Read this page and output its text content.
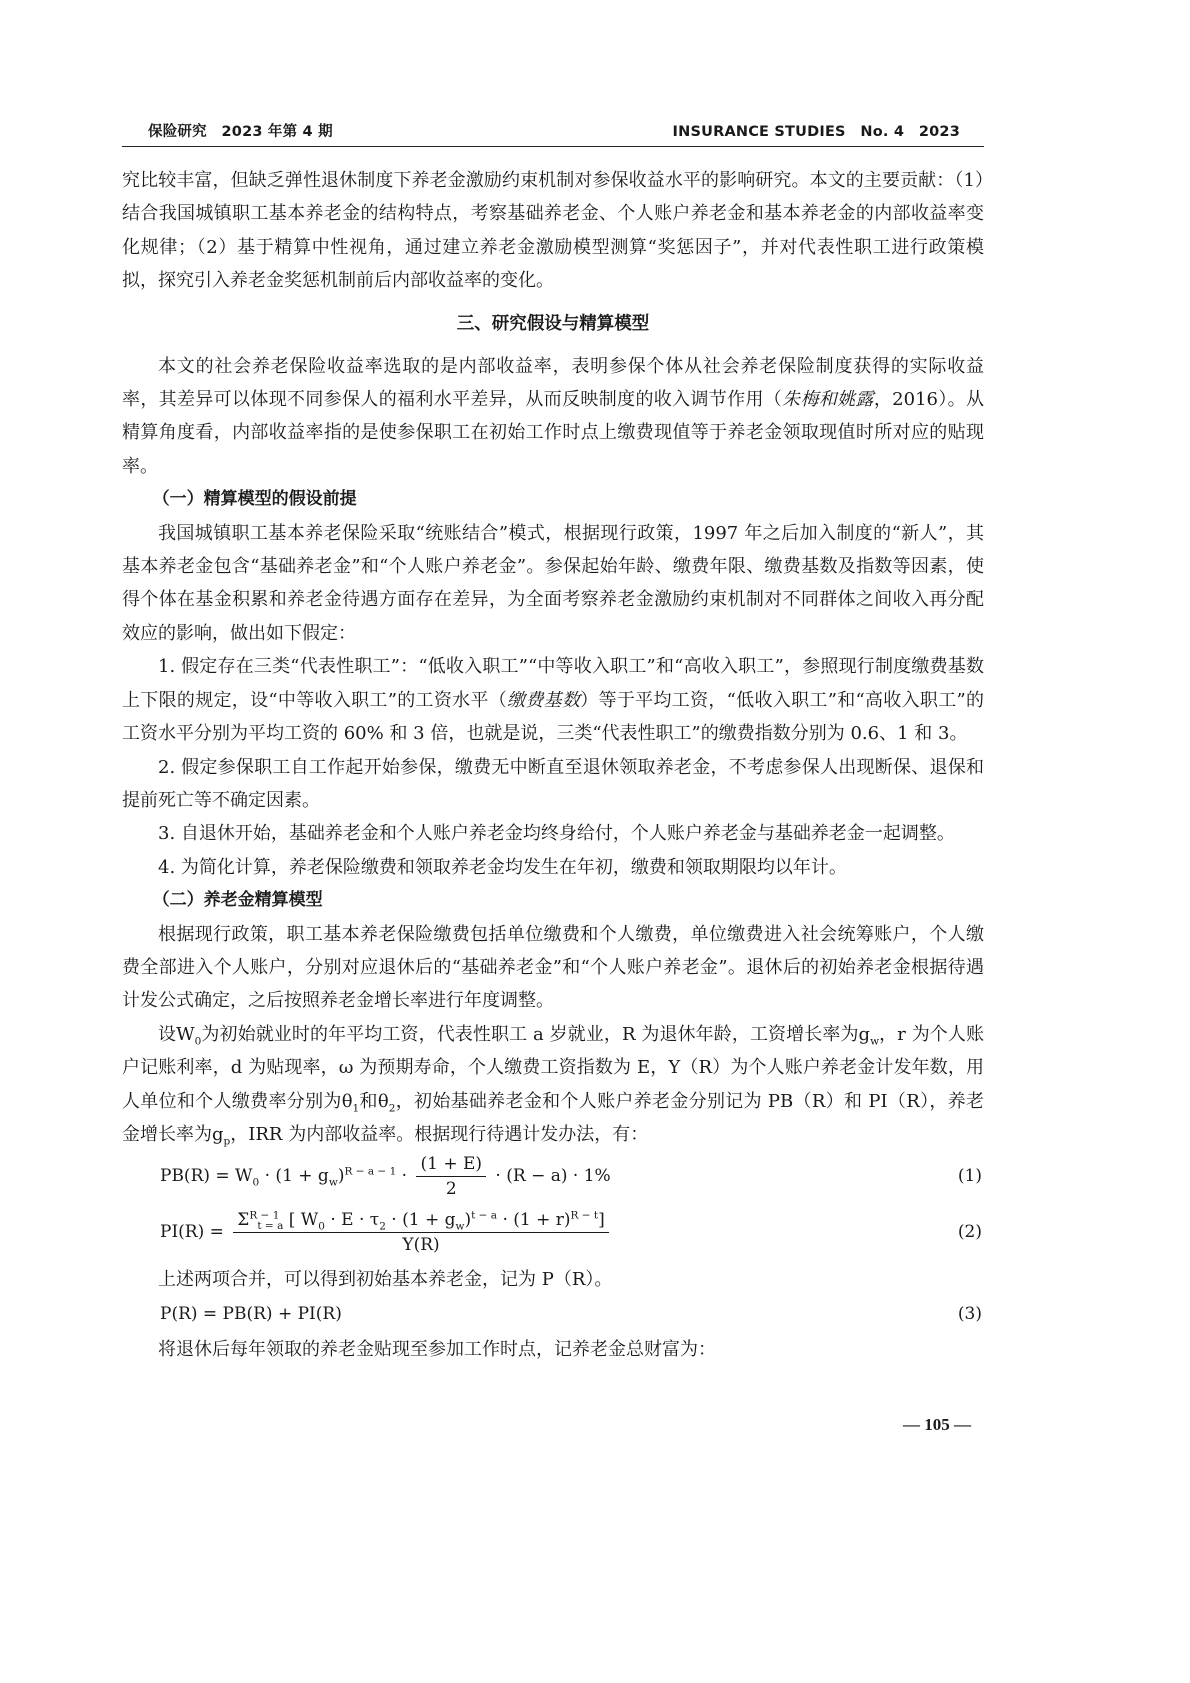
保险研究　2023 年第 4 期	INSURANCE STUDIES　No. 4　2023

究比较丰富，但缺乏弹性退休制度下养老金激励约束机制对参保收益水平的影响研究。本文的主要贡献：（1）结合我国城镇职工基本养老金的结构特点，考察基础养老金、个人账户养老金和基本养老金的内部收益率变化规律；（2）基于精算中性视角，通过建立养老金激励模型测算“奖惩因子”，并对代表性职工进行政策模拟，探究引入养老金奖惩机制前后内部收益率的变化。

三、研究假设与精算模型

本文的社会养老保险收益率选取的是内部收益率，表明参保个体从社会养老保险制度获得的实际收益率，其差异可以体现不同参保人的福利水平差异，从而反映制度的收入调节作用（朱梅和姚露，2016）。从精算角度看，内部收益率指的是使参保职工在初始工作时点上缴费现值等于养老金领取现值时所对应的贴现率。

（一）精算模型的假设前提

我国城镇职工基本养老保险采取“统账结合”模式，根据现行政策，1997 年之后加入制度的“新人”，其基本养老金包含“基础养老金”和“个人账户养老金”。参保起始年龄、缴费年限、缴费基数及指数等因素，使得个体在基金积累和养老金待遇方面存在差异，为全面考察养老金激励约束机制对不同群体之间收入再分配效应的影响，做出如下假定：

1. 假定存在三类“代表性职工”：“低收入职工”“中等收入职工”和“高收入职工”，参照现行制度缴费基数上下限的规定，设“中等收入职工”的工资水平（缴费基数）等于平均工资，“低收入职工”和“高收入职工”的工资水平分别为平均工资的 60% 和 3 倍，也就是说，三类“代表性职工”的缴费指数分别为 0.6、1 和 3。

2. 假定参保职工自工作起开始参保，缴费无中断直至退休领取养老金，不考虑参保人出现断保、退保和提前死亡等不确定因素。

3. 自退休开始，基础养老金和个人账户养老金均终身给付，个人账户养老金与基础养老金一起调整。

4. 为简化计算，养老保险缴费和领取养老金均发生在年初，缴费和领取期限均以年计。

（二）养老金精算模型

根据现行政策，职工基本养老保险缴费包括单位缴费和个人缴费，单位缴费进入社会统筹账户，个人缴费全部进入个人账户，分别对应退休后的“基础养老金”和“个人账户养老金”。退休后的初始养老金根据待遇计发公式确定，之后按照养老金增长率进行年度调整。

设$W_0$为初始就业时的年平均工资，代表性职工 a 岁就业，R 为退休年龄，工资增长率为$g_w$，r 为个人账户记账利率，d 为贴现率，ω 为预期寿命，个人缴费工资指数为 E，Y（R）为个人账户养老金计发年数，用人单位和个人缴费率分别为$\theta_1$和$\theta_2$，初始基础养老金和个人账户养老金分别记为 PB（R）和 PI（R），养老金增长率为$g_p$，IRR 为内部收益率。根据现行待遇计发办法，有：

$PB(R) = W_0 \cdot (1 + g_w)^{R - a - 1} \cdot \frac{(1 + E)}{2} \cdot (R - a) \cdot 1\%$	(1)
$PI(R) = \frac{\Sigma^{R - 1}_{t = a} [ W_0 \cdot E \cdot \tau_2 \cdot (1 + g_w)^{t - a} \cdot (1 + r)^{R - t}]}{Y(R)}$	(2)

上述两项合并，可以得到初始基本养老金，记为 P（R）。

P(R) = PB(R) + PI(R)	(3)

将退休后每年领取的养老金贴现至参加工作时点，记养老金总财富为：

— 105 —
